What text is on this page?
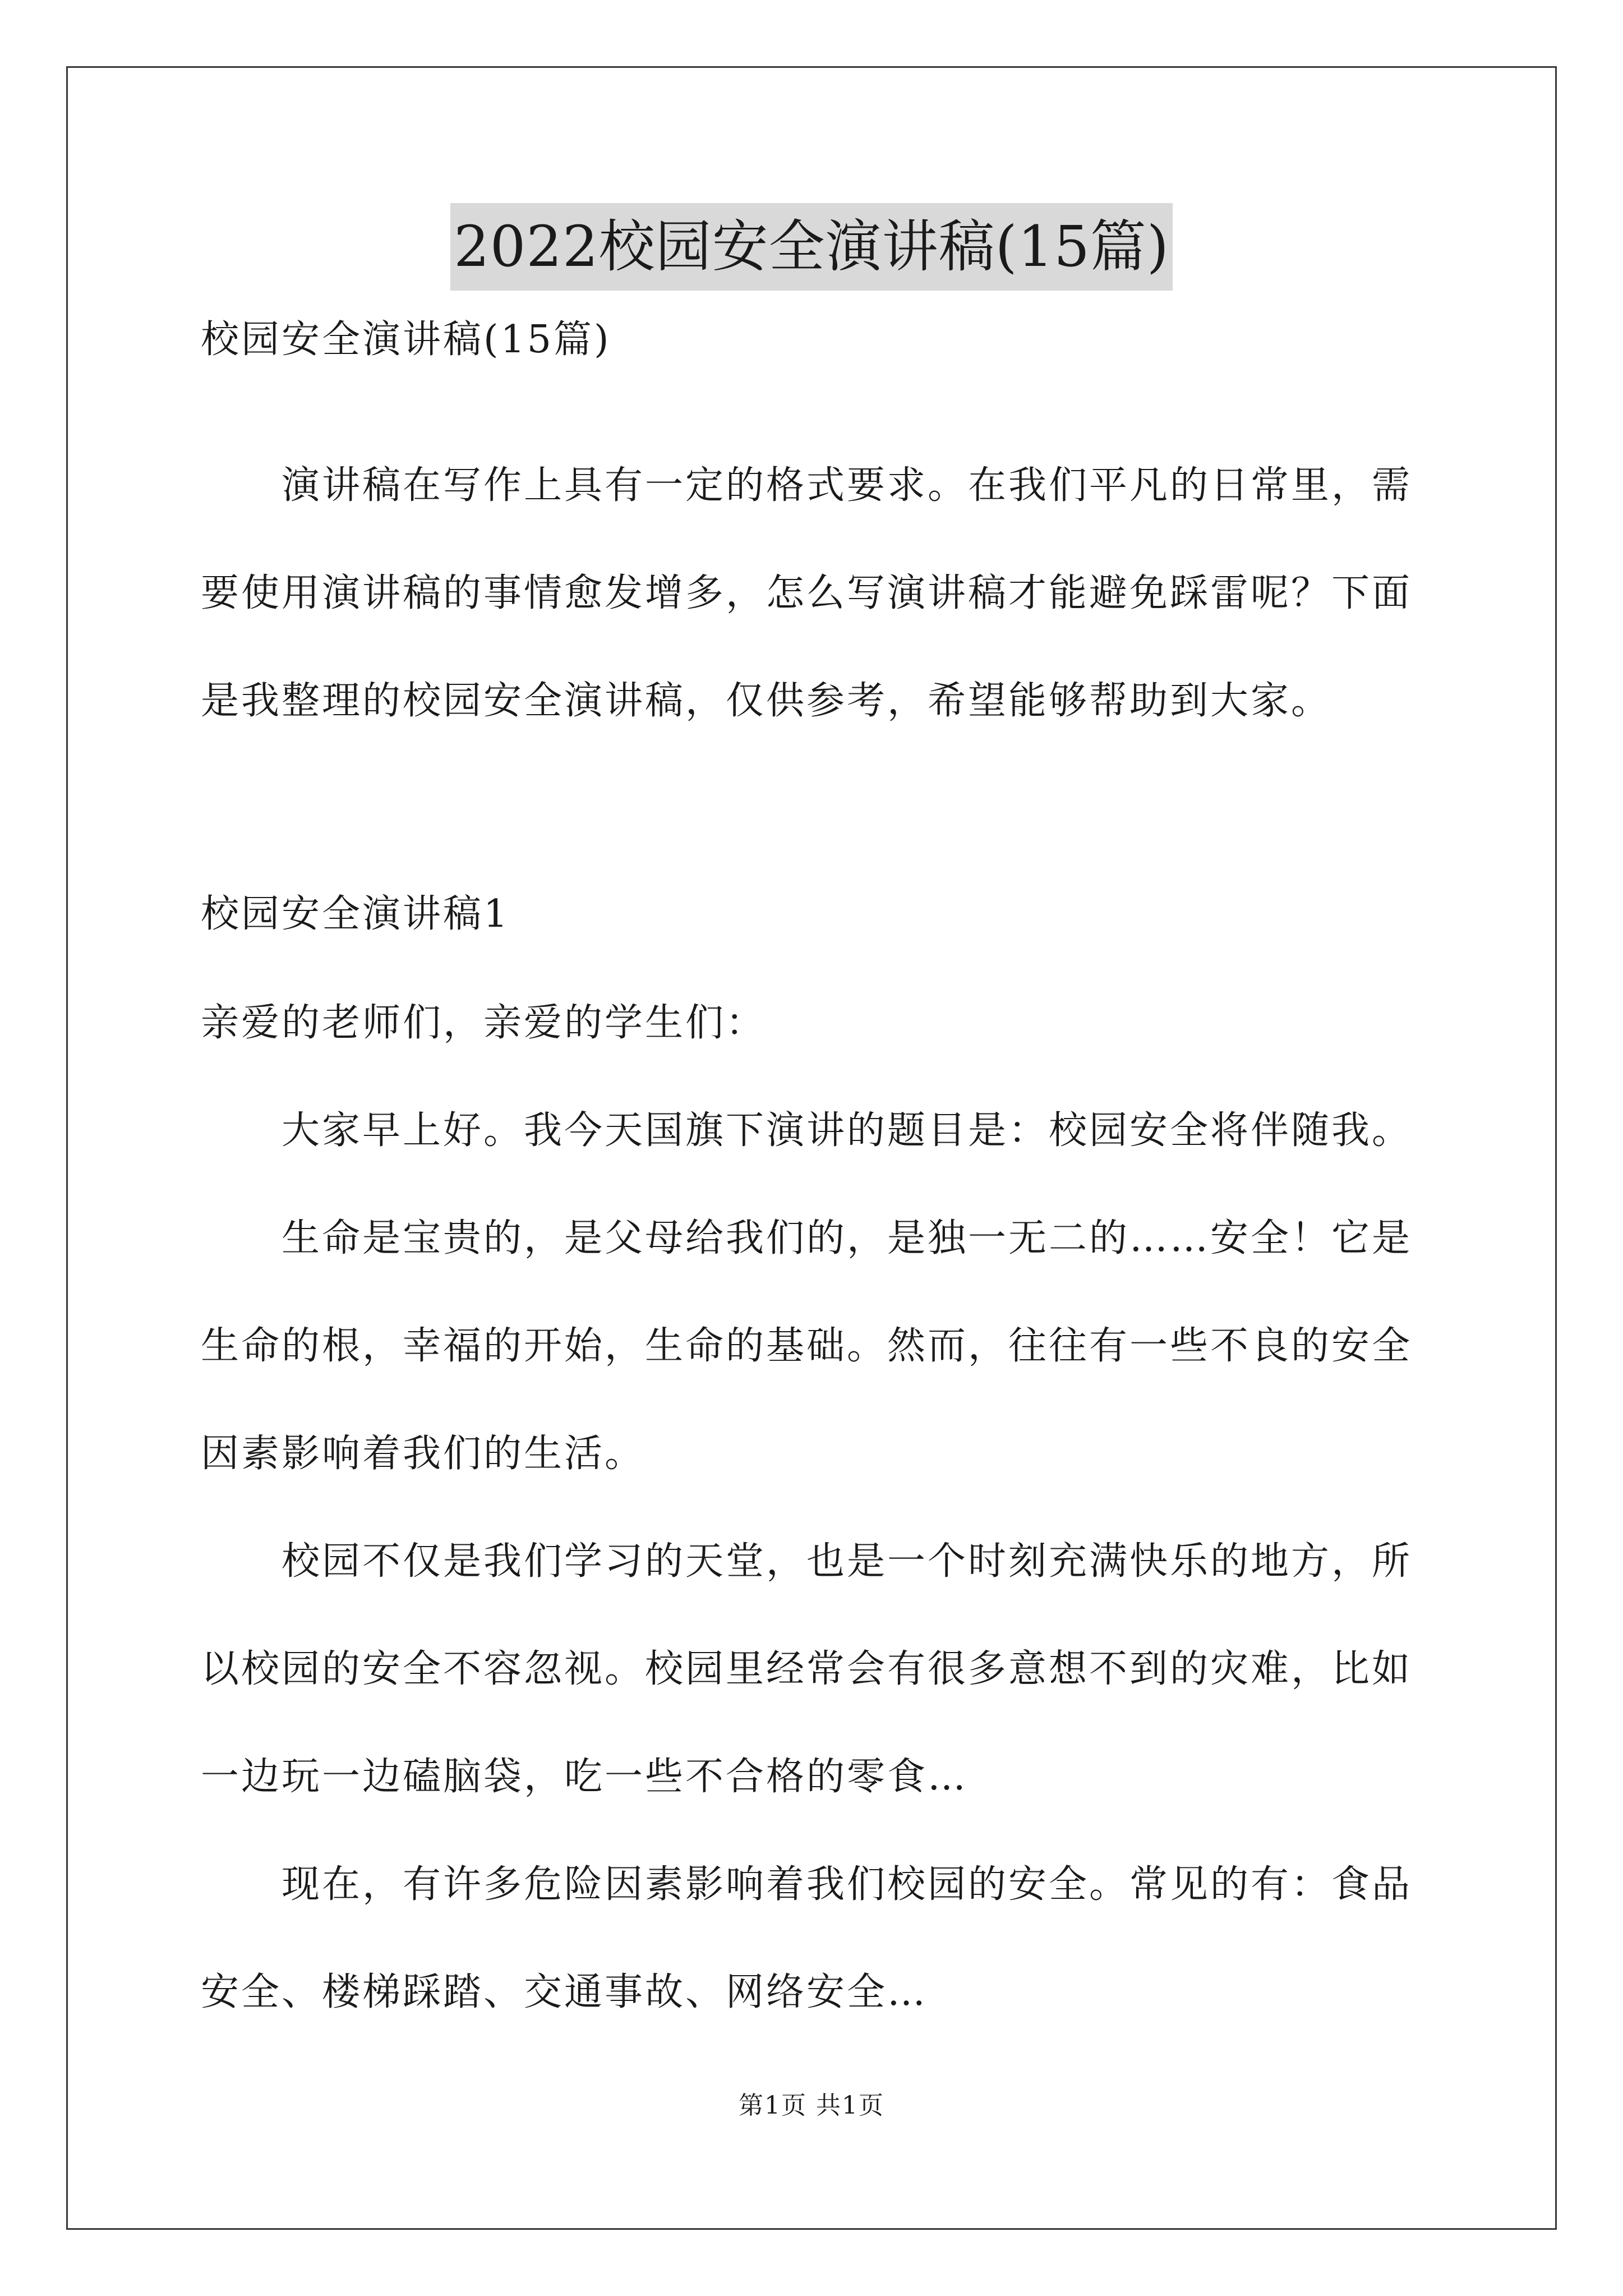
2022校园安全演讲稿(15篇)
校园安全演讲稿(15篇)
演讲稿在写作上具有一定的格式要求。在我们平凡的日常里，需
要使用演讲稿的事情愈发增多，怎么写演讲稿才能避免踩雷呢？下面
是我整理的校园安全演讲稿，仅供参考，希望能够帮助到大家。
校园安全演讲稿1
亲爱的老师们，亲爱的学生们：
大家早上好。我今天国旗下演讲的题目是：校园安全将伴随我。
生命是宝贵的，是父母给我们的，是独一无二的……安全！它是
生命的根，幸福的开始，生命的基础。然而，往往有一些不良的安全
因素影响着我们的生活。
校园不仅是我们学习的天堂，也是一个时刻充满快乐的地方，所
以校园的安全不容忽视。校园里经常会有很多意想不到的灾难，比如
一边玩一边磕脑袋，吃一些不合格的零食…
现在，有许多危险因素影响着我们校园的安全。常见的有：食品
安全、楼梯踩踏、交通事故、网络安全…
第1页 共1页
